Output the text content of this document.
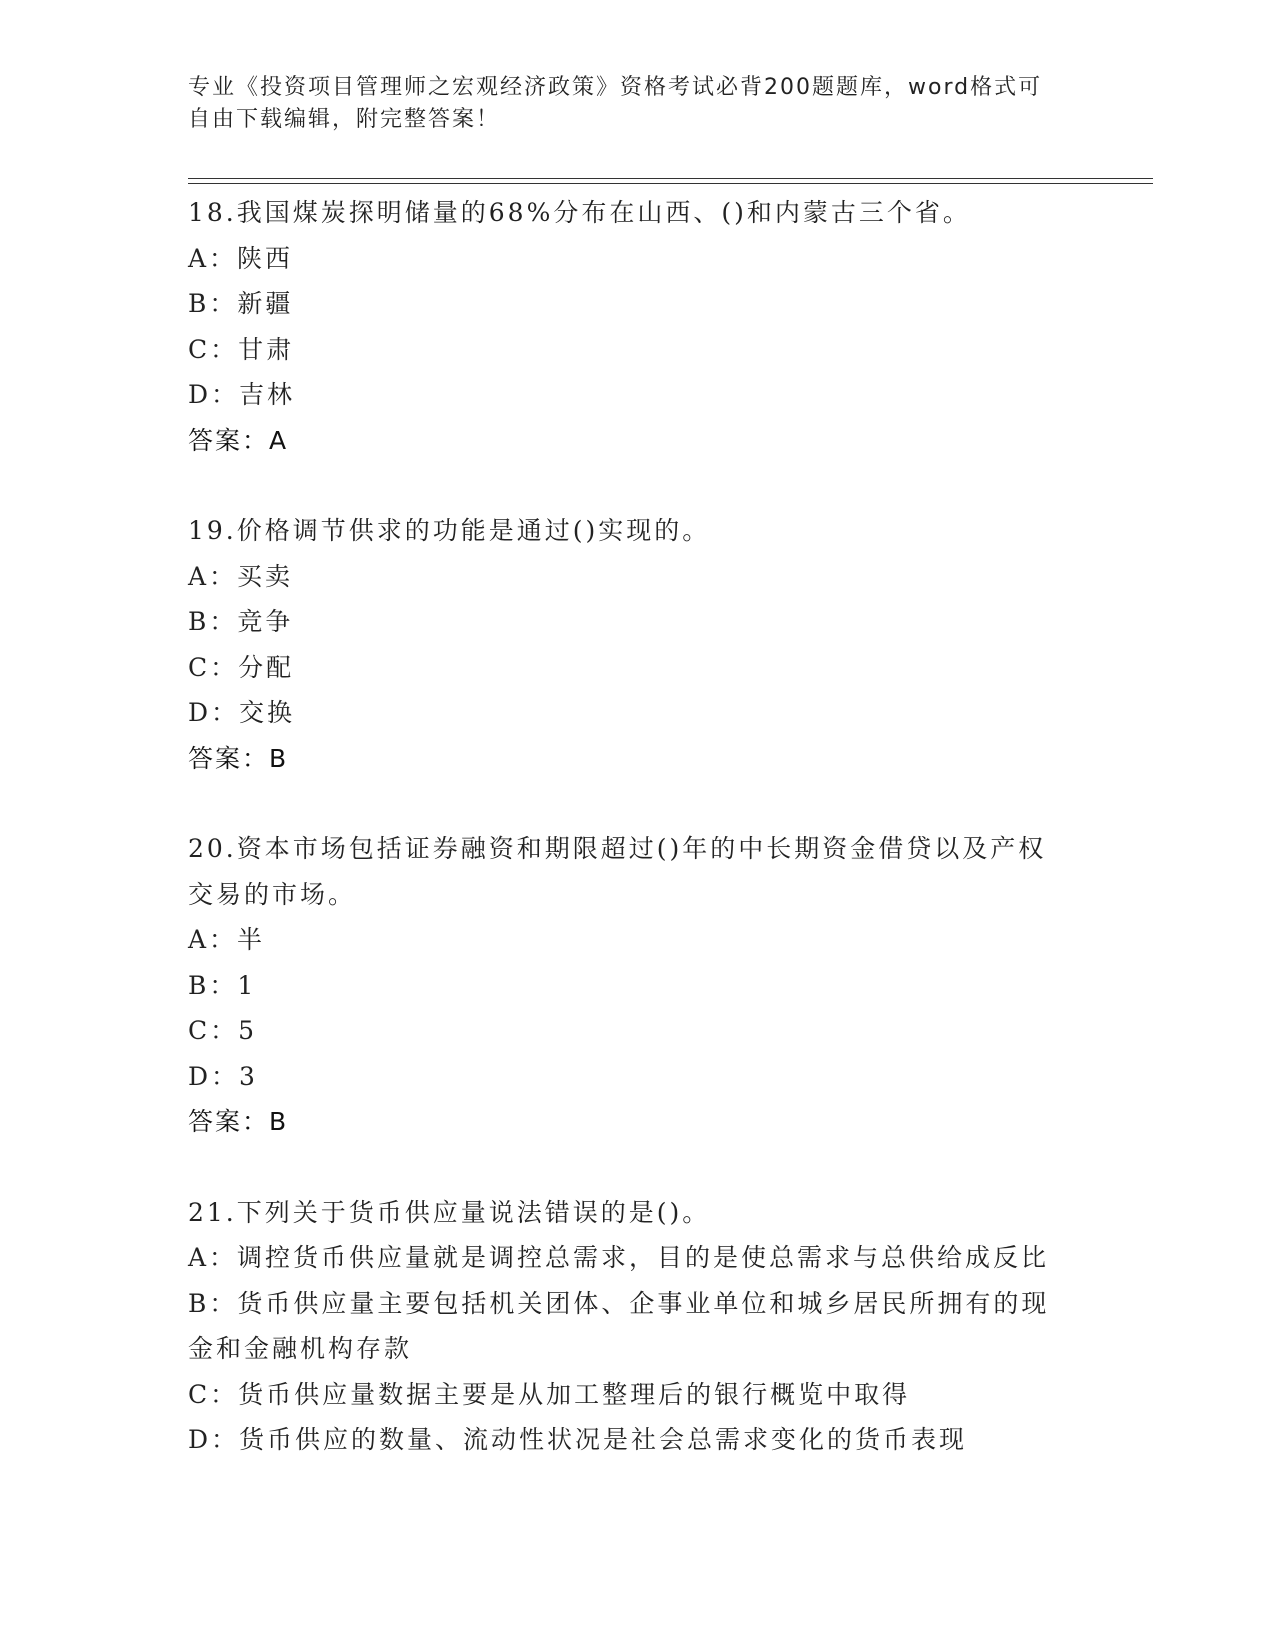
专业《投资项目管理师之宏观经济政策》资格考试必背200题题库，word格式可
自由下载编辑，附完整答案！
18.我国煤炭探明储量的68%分布在山西、()和内蒙古三个省。
A：陕西
B：新疆
C：甘肃
D：吉林
答案：A
19.价格调节供求的功能是通过()实现的。
A：买卖
B：竞争
C：分配
D：交换
答案：B
20.资本市场包括证券融资和期限超过()年的中长期资金借贷以及产权
交易的市场。
A：半
B：1
C：5
D：3
答案：B
21.下列关于货币供应量说法错误的是()。
A：调控货币供应量就是调控总需求，目的是使总需求与总供给成反比
B：货币供应量主要包括机关团体、企事业单位和城乡居民所拥有的现
金和金融机构存款
C：货币供应量数据主要是从加工整理后的银行概览中取得
D：货币供应的数量、流动性状况是社会总需求变化的货币表现
